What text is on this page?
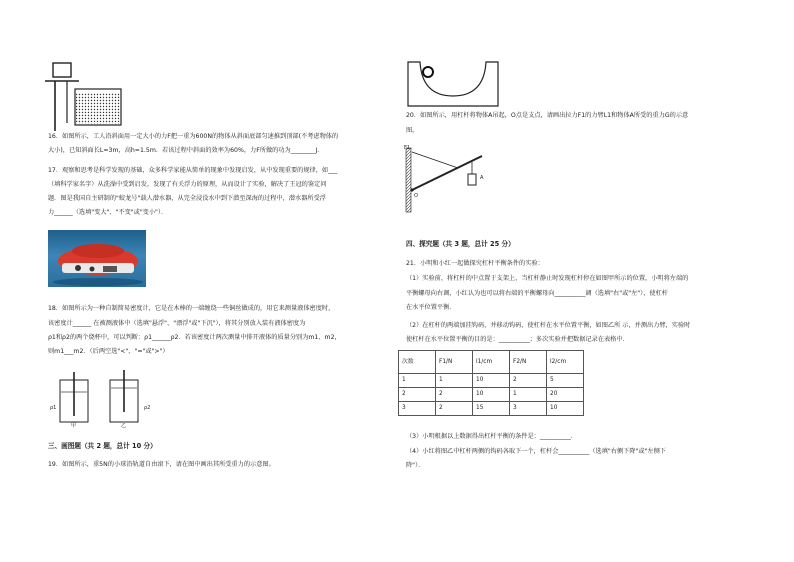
16．如图所示，工人沿斜面用一定大小的力F把一重为600N的物体从斜面底部匀速推到顶部(不考虑物体的

大小)，已知斜面长L=3m，高h=1.5m．若该过程中斜面的效率为60%，力F所做的功为________J．

17．观察和思考是科学发现的基础，众多科学家能从简单的现象中发现启发，从中发现重要的规律，如___

（填科学家名字）从洗澡中受到启发，发现了有关浮力的原理，从而设计了实验，解决了王冠的鉴定问

题．图是我国自主研制的"蛟龙号"载人潜水器，从完全浸没水中到下潜至深海的过程中，潜水器所受浮

力______（选填"变大"、"不变"或"变小"）．

18．如图所示为一种自制简易密度计，它是在木棒的一端缠绕一些铜丝做成的，用它来测量液体密度时，

该密度计______ 在被测液体中（选填"悬浮"、"漂浮"或"下沉"），将其分别放入装有液体密度为

ρ1和ρ2的两个烧杯中，可以判断：ρ1______ρ2．若该密度计两次测量中排开液体的质量分别为m1、m2，

则m1___m2．（后两空选"<"、"="或">"）

ρ1	ρ2
甲	乙

三、画图题（共 2 题，总计 10 分）

19．如图所示，重5N的小球沿轨道自由滚下，请在图中画出其所受重力的示意图。

20．如图所示，用杠杆将物体A吊起，O点是支点，请画出拉力F1的力臂L1和物体A所受的重力G的示意

图。

F1
A
O

四、探究题（共 3 题，总计 25 分）

21．小明和小红一起做探究杠杆平衡条件的实验：

（1）实验前，将杠杆的中点置于支架上，当杠杆静止时发现杠杆停在如图甲所示的位置，小明将左端的

平衡螺母向右调，小红认为也可以将右端的平衡螺母向__________调（选填"右"或"左"），使杠杆

在水平位置平衡．

（2）在杠杆的两端加挂钩码，并移动钩码，使杠杆在水平位置平衡，如图乙所 示，并测出力臂，实验时

使杠杆在水平位置平衡的目的是：__________；多次实验并把数据记录在表格中．

次数	F1/N	l1/cm	F2/N	l2/cm
1	1	10	2	5
2	2	10	1	20
3	2	15	3	10

（3）小明根据以上数据得出杠杆平衡的条件是：__________．

（4）小红将图乙中杠杆两侧的钩码各取下一个，杠杆会__________（选填"右侧下降"或"左侧下

降"）．
